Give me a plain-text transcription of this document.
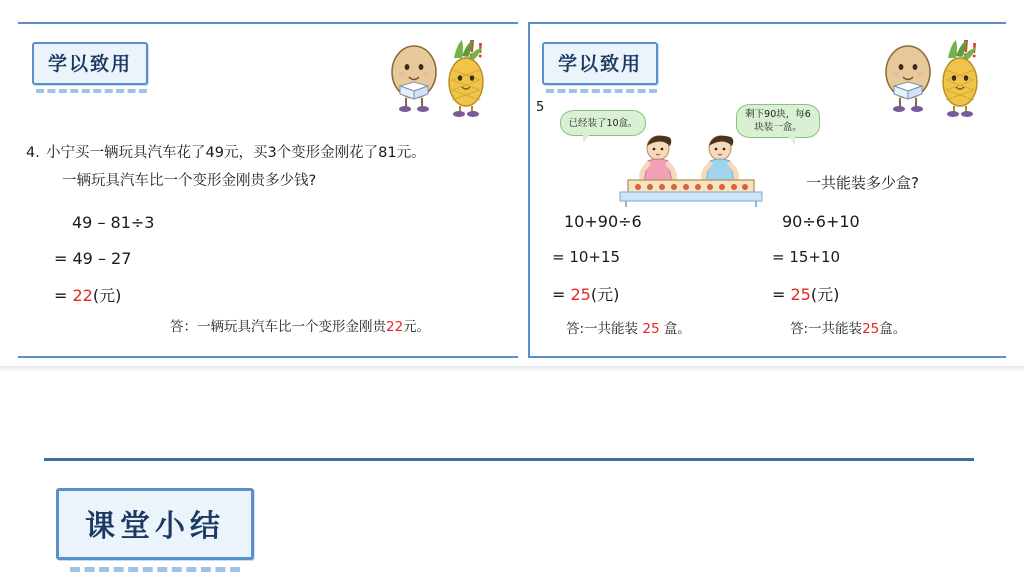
学以致用
4. 小宁买一辆玩具汽车花了49元，买3个变形金刚花了81元。
一辆玩具汽车比一个变形金刚贵多少钱?
49 – 81÷3
= 49 – 27
= 22(元)
答：一辆玩具汽车比一个变形金刚贵22元。
学以致用
5
已经装了10盒。
剩下90块，每6块装一盒。
一共能装多少盒?
10+90÷6
= 10+15
= 25(元)
答:一共能装 25 盒。
90÷6+10
= 15+10
= 25(元)
答:一共能装25盒。
课堂小结
